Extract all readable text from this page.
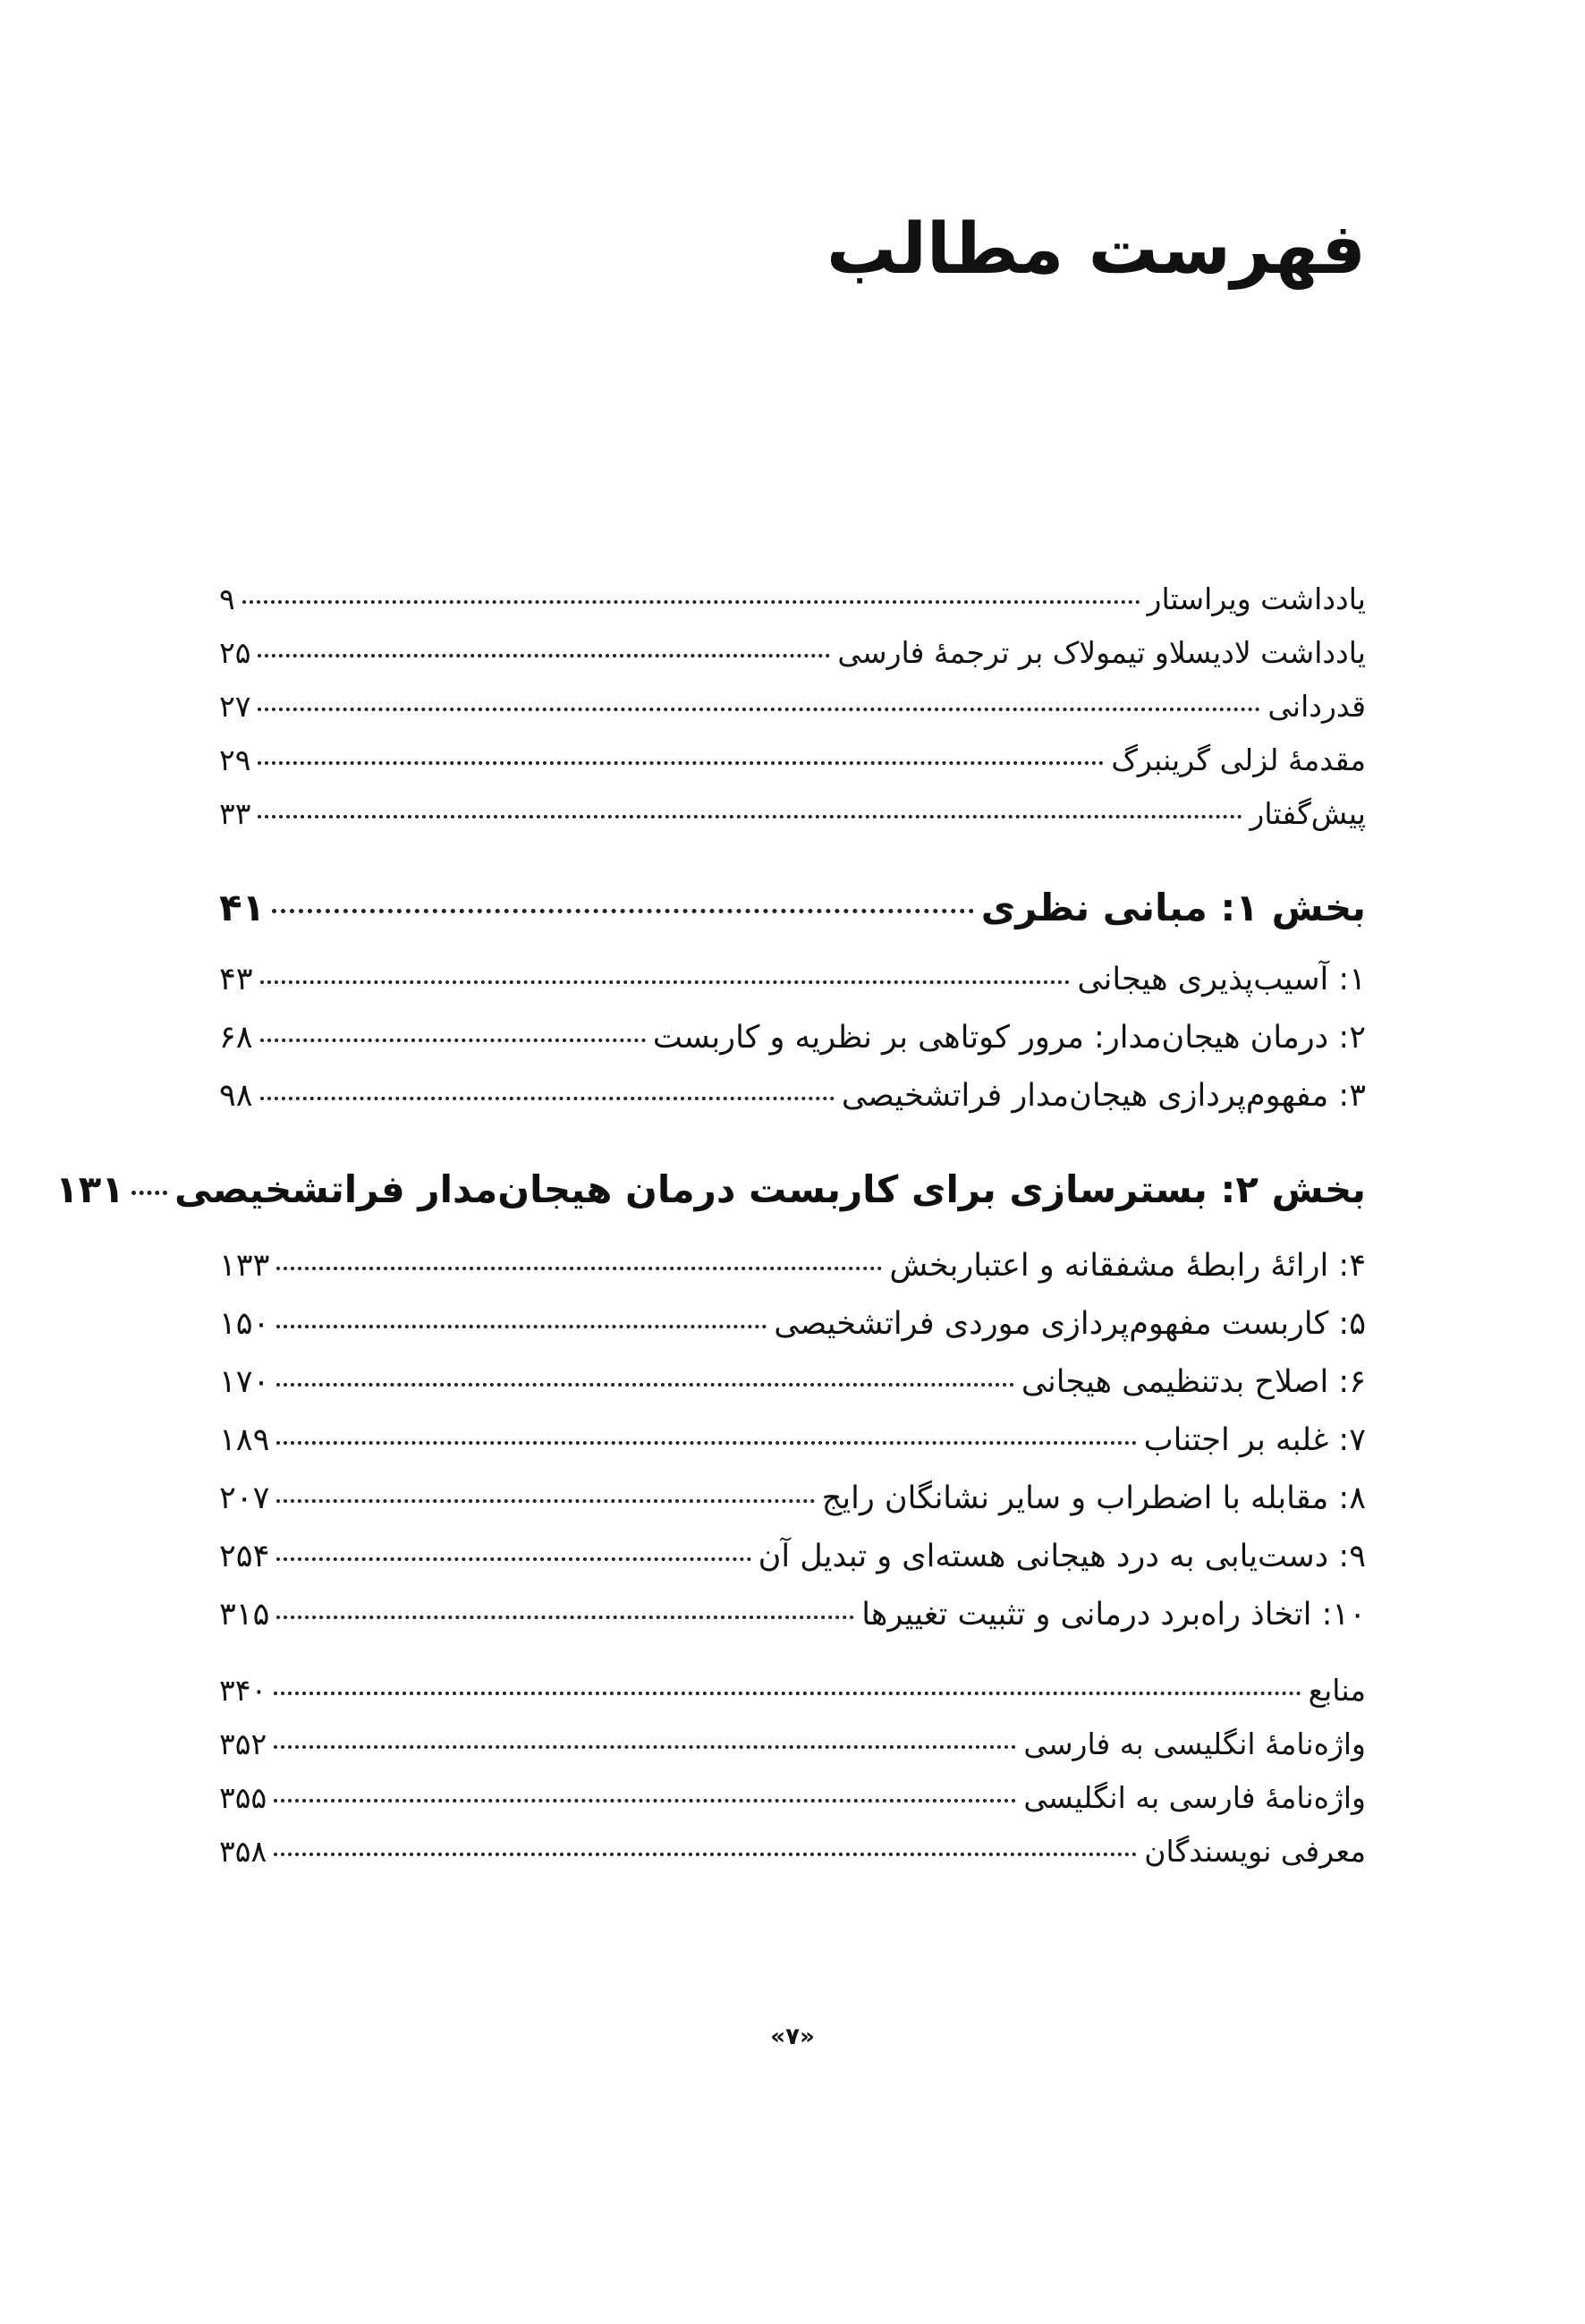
فهرست مطالب
يادداشت ويراستار
۹
يادداشت لاديسلاو تيمولاک بر ترجمۀ فارسی
۲۵
قدردانی
۲۷
مقدمۀ لزلی گرينبرگ
۲۹
پيش‌گفتار
۳۳
بخش ۱: مبانی نظری
۴۱
۱: آسيب‌پذيری هيجانی
۴۳
۲: درمان هيجان‌مدار: مرور کوتاهی بر نظريه و کاربست
۶۸
۳: مفهوم‌پردازی هيجان‌مدار فراتشخيصی
۹۸
بخش ۲: بسترسازی برای کاربست درمان هيجان‌مدار فراتشخيصی
۱۳۱
۴: ارائۀ رابطۀ مشفقانه و اعتباربخش
۱۳۳
۵: کاربست مفهوم‌پردازی موردی فراتشخيصی
۱۵۰
۶: اصلاح بدتنظيمی هيجانی
۱۷۰
۷: غلبه بر اجتناب
۱۸۹
۸: مقابله با اضطراب و ساير نشانگان رايج
۲۰۷
۹: دست‌يابی به درد هيجانی هسته‌ای و تبديل آن
۲۵۴
۱۰: اتخاذ راه‌برد درمانی و تثبيت تغييرها
۳۱۵
منابع
۳۴۰
واژه‌نامۀ انگليسی به فارسی
۳۵۲
واژه‌نامۀ فارسی به انگليسی
۳۵۵
معرفی نويسندگان
۳۵۸
«۷»
